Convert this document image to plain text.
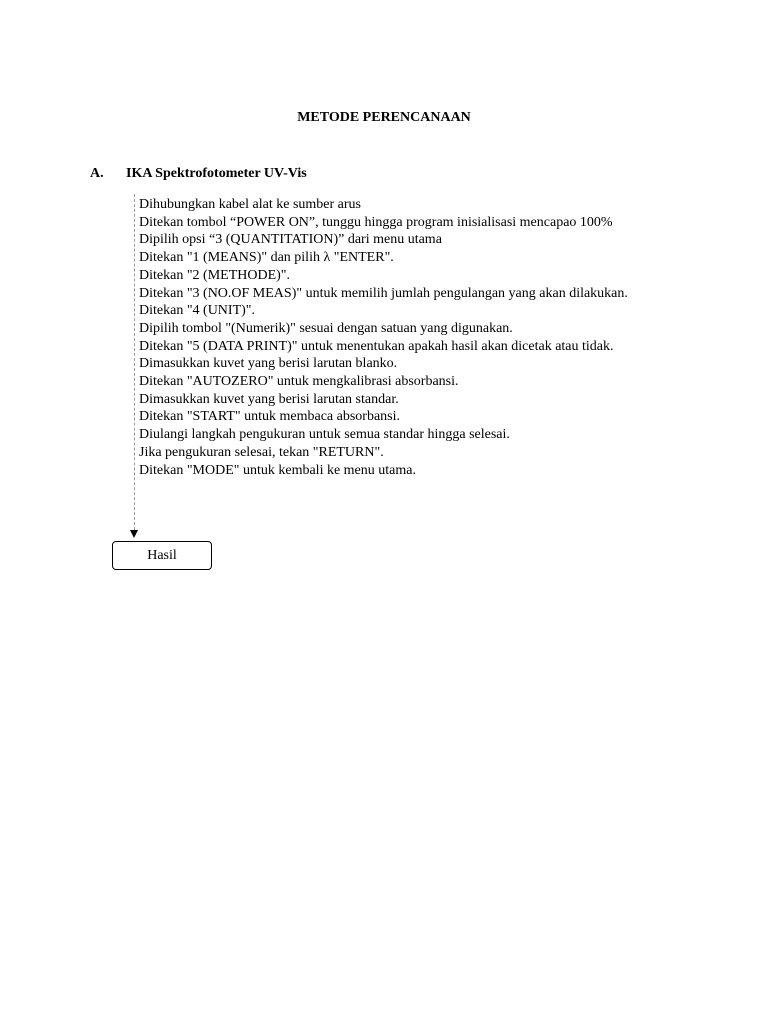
METODE PERENCANAAN
A. IKA Spektrofotometer UV-Vis
Dihubungkan kabel alat ke sumber arus
Ditekan tombol “POWER ON”, tunggu hingga program inisialisasi mencapao 100%
Dipilih opsi “3 (QUANTITATION)” dari menu utama
Ditekan "1 (MEANS)" dan pilih λ "ENTER".
Ditekan "2 (METHODE)".
Ditekan "3 (NO.OF MEAS)" untuk memilih jumlah pengulangan yang akan dilakukan.
Ditekan "4 (UNIT)".
Dipilih tombol "(Numerik)" sesuai dengan satuan yang digunakan.
Ditekan "5 (DATA PRINT)" untuk menentukan apakah hasil akan dicetak atau tidak.
Dimasukkan kuvet yang berisi larutan blanko.
Ditekan "AUTOZERO" untuk mengkalibrasi absorbansi.
Dimasukkan kuvet yang berisi larutan standar.
Ditekan "START" untuk membaca absorbansi.
Diulangi langkah pengukuran untuk semua standar hingga selesai.
Jika pengukuran selesai, tekan "RETURN".
Ditekan "MODE" untuk kembali ke menu utama.
Hasil
